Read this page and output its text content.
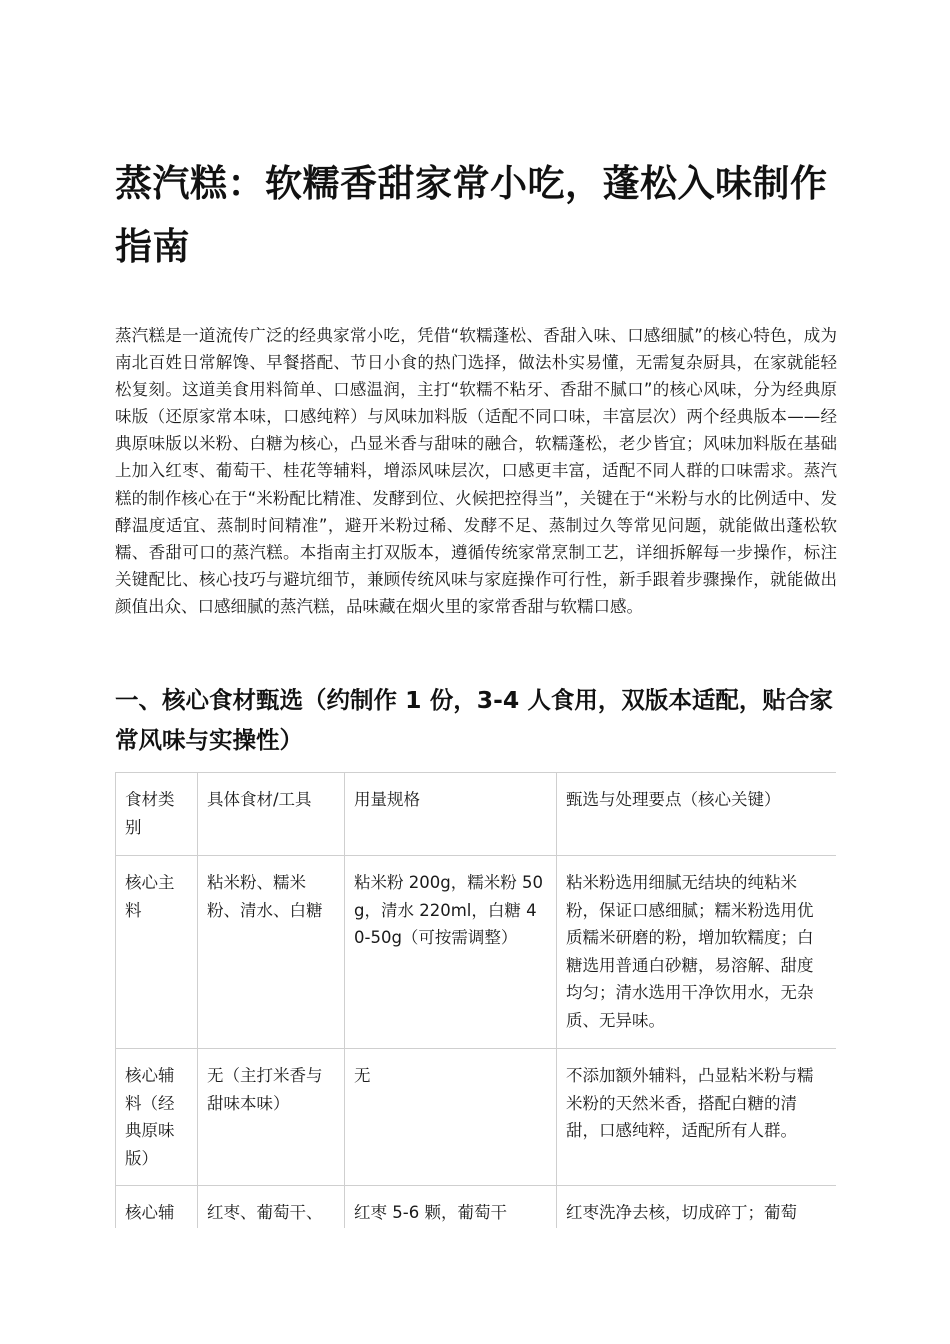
蒸汽糕：软糯香甜家常小吃，蓬松入味制作指南

蒸汽糕是一道流传广泛的经典家常小吃，凭借“软糯蓬松、香甜入味、口感细腻”的核心特色，成为南北百姓日常解馋、早餐搭配、节日小食的热门选择，做法朴实易懂，无需复杂厨具，在家就能轻松复刻。这道美食用料简单、口感温润，主打“软糯不粘牙、香甜不腻口”的核心风味，分为经典原味版（还原家常本味，口感纯粹）与风味加料版（适配不同口味，丰富层次）两个经典版本——经典原味版以米粉、白糖为核心，凸显米香与甜味的融合，软糯蓬松，老少皆宜；风味加料版在基础上加入红枣、葡萄干、桂花等辅料，增添风味层次，口感更丰富，适配不同人群的口味需求。蒸汽糕的制作核心在于“米粉配比精准、发酵到位、火候把控得当”，关键在于“米粉与水的比例适中、发酵温度适宜、蒸制时间精准”，避开米粉过稀、发酵不足、蒸制过久等常见问题，就能做出蓬松软糯、香甜可口的蒸汽糕。本指南主打双版本，遵循传统家常烹制工艺，详细拆解每一步操作，标注关键配比、核心技巧与避坑细节，兼顾传统风味与家庭操作可行性，新手跟着步骤操作，就能做出颜值出众、口感细腻的蒸汽糕，品味藏在烟火里的家常香甜与软糯口感。

一、核心食材甄选（约制作 1 份，3-4 人食用，双版本适配，贴合家常风味与实操性）
食材类别	具体食材/工具	用量规格	甄选与处理要点（核心关键）
核心主料	粘米粉、糯米粉、清水、白糖	粘米粉 200g，糯米粉 50g，清水 220ml，白糖 40-50g（可按需调整）	粘米粉选用细腻无结块的纯粘米粉，保证口感细腻；糯米粉选用优质糯米研磨的粉，增加软糯度；白糖选用普通白砂糖，易溶解、甜度均匀；清水选用干净饮用水，无杂质、无异味。
核心辅料（经典原味版）	无（主打米香与甜味本味）	无	不添加额外辅料，凸显粘米粉与糯米粉的天然米香，搭配白糖的清甜，口感纯粹，适配所有人群。
核心辅	红枣、葡萄干、	红枣 5-6 颗，葡萄干	红枣洗净去核，切成碎丁；葡萄
